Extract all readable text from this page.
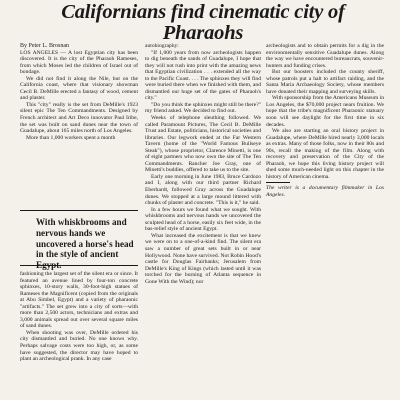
Californians find cinematic city of Pharaohs

By Peter L. Brosnan

LOS ANGELES — A lost Egyptian city has been discovered. It is the city of the Pharaoh Rameses, from which Moses led the children of Israel out of bondage.

We did not find it along the Nile, but on the California coast, where that visionary showman Cecil B. DeMille erected a fantasy of wood, cement and plaster.

This "city" really is the set from DeMille's 1923 silent epic The Ten Commandments. Designed by French architect and Art Deco innovator Paul Iribe, the set was built on sand dunes near the town of Guadalupe, about 165 miles north of Los Angeles.

More than 1,000 workers spent a month

With whiskbrooms and nervous hands we uncovered a horse's head in the style of ancient Egypt.

fashioning the largest set of the silent era or since. It featured an avenue lined by four-ton concrete sphinxes, 10-story walls, 30-foot-high statues of Rameses the Magnificent (copied from the originals at Abu Simbel, Egypt) and a variety of pharaonic "artifacts." The set grew into a city of sorts—with more than 2,500 actors, technicians and extras and 3,000 animals spread out over several square miles of sand dunes.

When shooting was over, DeMille ordered his city dismantled and buried. No one knows why. Perhaps salvage costs were too high, or, as some have suggested, the director may have hoped to plant an archeological prank. In any case

autobiography:

"If 1,000 years from now archeologists happen to dig beneath the sands of Guadalupe, I hope that they will not rush into print with the amazing news that Egyptian civilization . . . extended all the way to the Pacific Coast. . . . The sphinxes they will find were buried there when we finished with them, and dismantled our huge set of the gates of Pharaoh's city."

"Do you think the sphinxes might still be there?" my friend asked. We decided to find out.

Weeks of telephone sleuthing followed. We called Paramount Pictures, The Cecil B. DeMille Trust and Estate, politicians, historical societies and libraries. Our legwork ended at the Far Western Tavern (home of the "World Famous Bullseye Steak"), whose proprietor, Clarence Minetti, is one of eight partners who now own the site of The Ten Commandments. Rancher Joe Gray, one of Minetti's buddies, offered to take us to the site.

Early one morning in June 1983, Bruce Cardozo and I, along with our third partner Richard Eberhardt, followed Gray across the Guadalupe dunes. We stopped at a large mound littered with chunks of plaster and concrete. "This is it," he said.

In a few hours we found what we sought. With whiskbrooms and nervous hands we uncovered the sculpted head of a horse, easily six feet wide, in the bas-relief style of ancient Egypt.

What increased the excitement is that we knew we were on to a one-of-a-kind find. The silent era saw a number of great sets built in or near Hollywood. None have survived. Not Robin Hood's castle for Douglas Fairbanks; Jerusalem from DeMille's King of Kings (which lasted until it was torched for the burning of Atlanta sequence in Gone With the Wind); nor

archeologists and to obtain permits for a dig in the environmentally sensitive Guadalupe dunes. Along the way we have encountered bureaucrats, souvenir-hunters and funding crises.

But our boosters included the county sheriff, whose patrols put a halt to artifact raiding, and the Santa Maria Archaeology Society, whose members have donated their mapping and surveying skills.

With sponsorship from the Americans Museum in Los Angeles, the $70,000 project nears fruition. We hope that the tribe's magnificent Pharaonic statuary soon will see daylight for the first time in six decades.

We also are starting an oral history project in Guadalupe, where DeMille hired nearly 3,000 locals as extras. Many of those folks, now in their 80s and 90s, recall the making of the film. Along with recovery and preservation of the City of the Pharaoh, we hope this living history project will shed some much-needed light on this chapter in the history of American cinema.

The writer is a documentary filmmaker in Los Angeles.
